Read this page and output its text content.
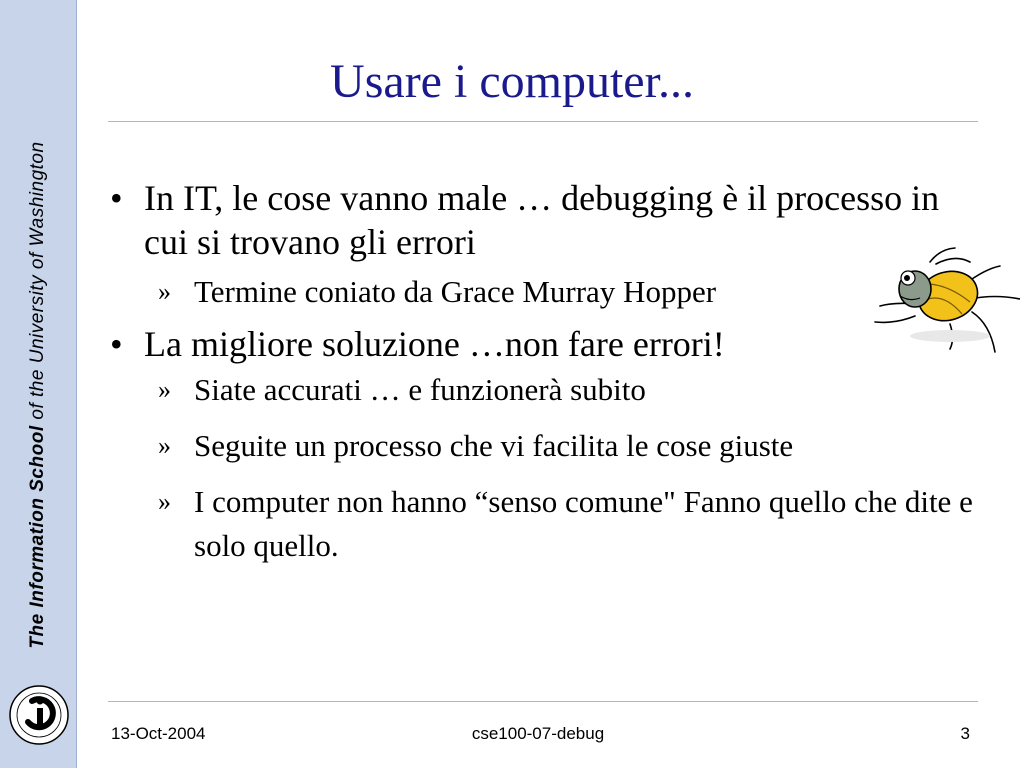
The Information School of the University of Washington
Usare i computer...
• In IT, le cose vanno male … debugging è il processo in cui si trovano gli errori
» Termine coniato da Grace Murray Hopper
• La migliore soluzione …non fare errori!
» Siate accurati … e funzionerà subito
» Seguite un processo che vi facilita le cose giuste
» I computer non hanno “senso comune" Fanno quello che dite e solo quello.
13-Oct-2004	cse100-07-debug	3
